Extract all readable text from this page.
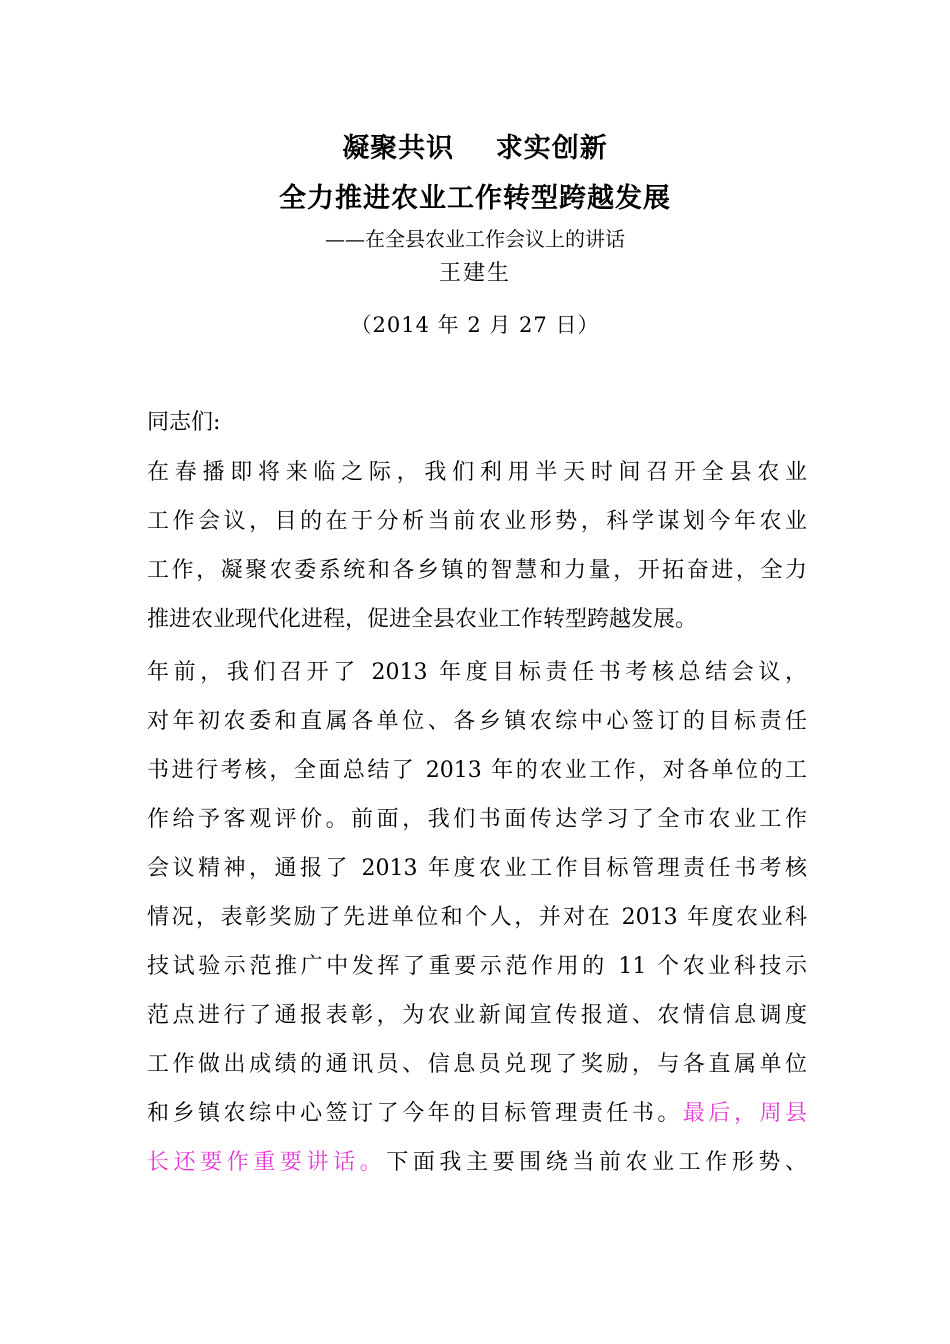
凝聚共识    求实创新
全力推进农业工作转型跨越发展
——在全县农业工作会议上的讲话
王建生
（2014 年 2 月 27 日）
同志们:
在春播即将来临之际，我们利用半天时间召开全县农业
工作会议，目的在于分析当前农业形势，科学谋划今年农业
工作，凝聚农委系统和各乡镇的智慧和力量，开拓奋进，全力
推进农业现代化进程，促进全县农业工作转型跨越发展。
年前，我们召开了 2013 年度目标责任书考核总结会议，
对年初农委和直属各单位、各乡镇农综中心签订的目标责任
书进行考核，全面总结了 2013 年的农业工作，对各单位的工
作给予客观评价。前面，我们书面传达学习了全市农业工作
会议精神，通报了 2013 年度农业工作目标管理责任书考核
情况，表彰奖励了先进单位和个人，并对在 2013 年度农业科
技试验示范推广中发挥了重要示范作用的 11 个农业科技示
范点进行了通报表彰，为农业新闻宣传报道、农情信息调度
工作做出成绩的通讯员、信息员兑现了奖励，与各直属单位
和乡镇农综中心签订了今年的目标管理责任书。最后，周县
长还要作重要讲话。下面我主要围绕当前农业工作形势、
